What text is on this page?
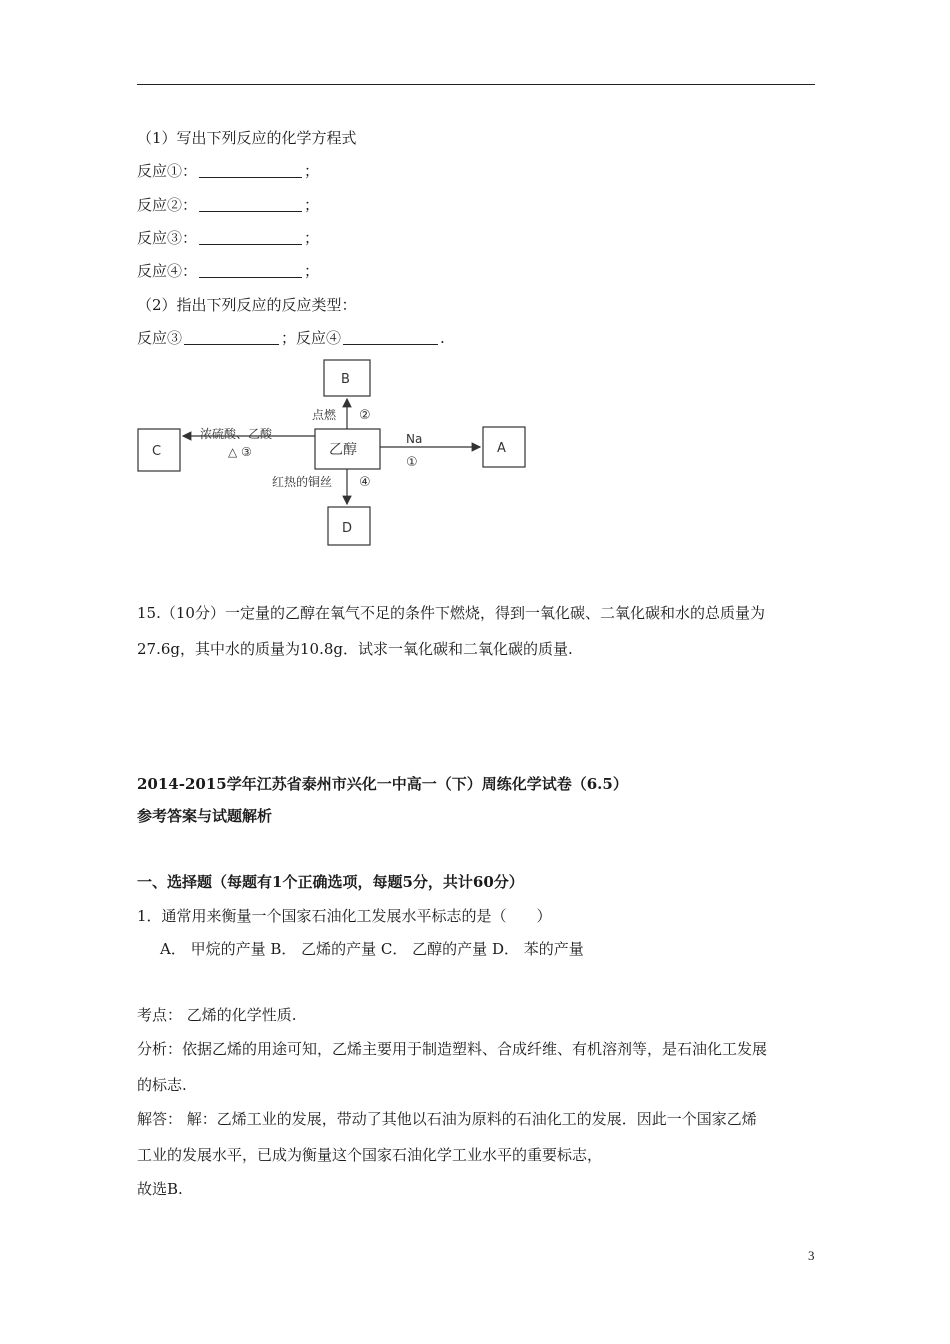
（1）写出下列反应的化学方程式
反应①：	；
反应②：	；
反应③：	；
反应④：	；
（2）指出下列反应的反应类型：
反应③	；反应④	.
B
C	乙醇	A
D
点燃 ②
浓硫酸、乙酸
△ ③
Na
①
红热的铜丝 ④
15.（10分）一定量的乙醇在氧气不足的条件下燃烧，得到一氧化碳、二氧化碳和水的总质量为
27.6g，其中水的质量为10.8g．试求一氧化碳和二氧化碳的质量.
2014-2015学年江苏省泰州市兴化一中高一（下）周练化学试卷（6.5）
参考答案与试题解析
一、选择题（每题有1个正确选项，每题5分，共计60分）
1．通常用来衡量一个国家石油化工发展水平标志的是（　　）
A． 甲烷的产量 B． 乙烯的产量 C． 乙醇的产量 D． 苯的产量
考点： 乙烯的化学性质.
分析：依据乙烯的用途可知，乙烯主要用于制造塑料、合成纤维、有机溶剂等，是石油化工发展
的标志.
解答： 解：乙烯工业的发展，带动了其他以石油为原料的石油化工的发展．因此一个国家乙烯
工业的发展水平，已成为衡量这个国家石油化学工业水平的重要标志，
故选B.
3
